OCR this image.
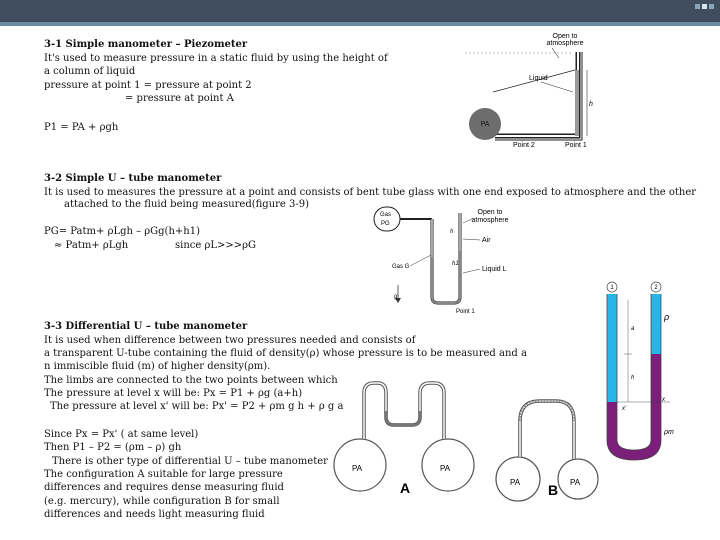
3-1 Simple manometer – Piezometer
It's used to measure pressure in a static fluid by using the height of
a column of liquid
pressure at point 1 = pressure at point 2
= pressure at point A
P1 = PA + ρgh
3-2 Simple U – tube manometer
It is used to measures the pressure at a point and consists of bent tube glass with one end exposed to atmosphere and the other
attached to the fluid being measured(figure 3-9)
PG= Patm+ ρLgh – ρGg(h+h1)
≈ Patm+ ρLgh	since ρL>>>ρG
3-3 Differential U – tube manometer
It is used when difference between two pressures needed and consists of
a transparent U-tube containing the fluid of density(ρ) whose pressure is to be measured and a
n immiscible fluid (m) of higher density(ρm).
The limbs are connected to the two points between which
The pressure at level x will be: Px = P1 + ρg (a+h)
The pressure at level x' will be: Px' = P2 + ρm g h + ρ g a
Since Px = Px' ( at same level)
Then P1 – P2 = (ρm – ρ) gh
There is other type of differential U – tube manometer
The configuration A suitable for large pressure
differences and requires dense measuring fluid
(e.g. mercury), while configuration B for small
differences and needs light measuring fluid
Open to
atmosphere
Liquid
h
PA
Point 2	Point 1
Gas
PG
Open to
atmosphere
Air
Gas G
h
h1
Liquid L
g
Point 1
1	2
a
h
x
x'
ρ
ρm
PA	PA
A	PA	PA
B
